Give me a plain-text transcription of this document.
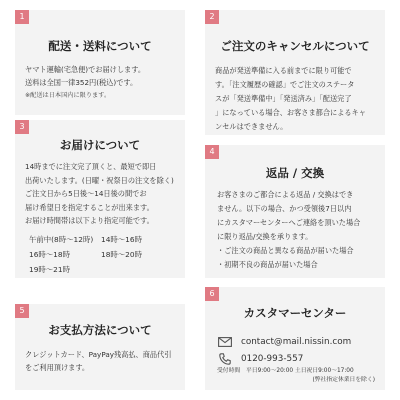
1
配送・送料について
ヤマト運輸(宅急便)でお届けします。
送料は全国一律352円(税込)です。
※配送は日本国内に限ります。
2
ご注文のキャンセルについて
商品が発送準備に入る前までに限り可能で
す。「注文履歴の確認」でご注文のステータ
スが「発送準備中」「発送済み」「配送完了
」になっている場合、お客さま都合によるキャ
ンセルはできません。
3
お届けについて
14時までに注文完了頂くと、最短で即日
出荷いたします。(日曜・祝祭日の注文を除く)
ご注文日から5日後〜14日後の間でお
届け希望日を指定することが出来ます。
お届け時間帯は以下より指定可能です。
午前中(8時〜12時)	14時〜16時
16時〜18時	18時〜20時
19時〜21時
4
返品 / 交換
お客さまのご都合による返品 / 交換はでき
ません。以下の場合、かつ受領後7日以内
にカスタマーセンターへご連絡を頂いた場合
に限り返品/交換を承ります。
・ご注文の商品と異なる商品が届いた場合
・初期不良の商品が届いた場合
5
お支払方法について
クレジットカード、PayPay残高払、商品代引
をご利用頂けます。
6
カスタマーセンター
contact@mail.nissin.com
0120-993-557
受付時間　平日9:00〜20:00 土日祝日9:00〜17:00
(弊社指定休業日を除く)
